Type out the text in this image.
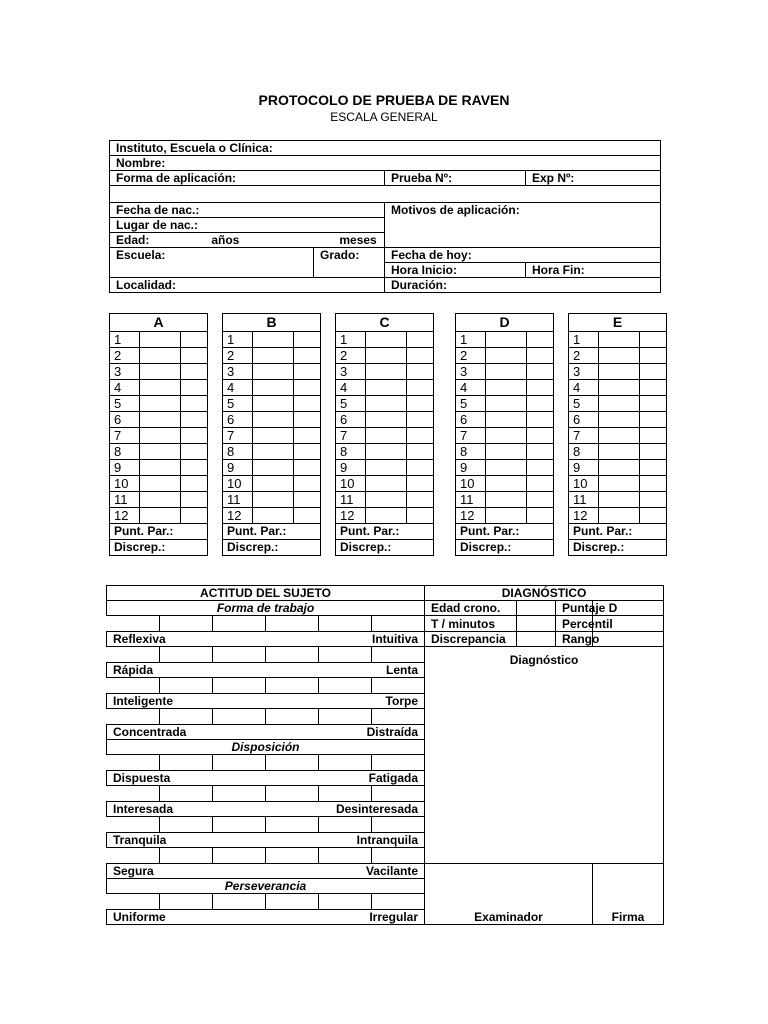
PROTOCOLO DE PRUEBA DE RAVEN
ESCALA GENERAL
Instituto, Escuela o Clínica:			
Nombre:			
Forma de aplicación:		Prueba Nº:	Exp Nº:

Fecha de nac.:		Motivos de aplicación:	
Lugar de nac.:			
Edad: años meses			
Escuela:	Grado:	Fecha de hoy:	
		Hora Inicio:	Hora Fin:
Localidad:		Duración:	
A		
1		
2		
3		
4		
5		
6		
7		
8		
9		
10		
11		
12		
Punt. Par.:		
Discrep.:		
B		
1		
2		
3		
4		
5		
6		
7		
8		
9		
10		
11		
12		
Punt. Par.:		
Discrep.:		
C		
1		
2		
3		
4		
5		
6		
7		
8		
9		
10		
11		
12		
Punt. Par.:		
Discrep.:		
D		
1		
2		
3		
4		
5		
6		
7		
8		
9		
10		
11		
12		
Punt. Par.:		
Discrep.:		
E		
1		
2		
3		
4		
5		
6		
7		
8		
9		
10		
11		
12		
Punt. Par.:		
Discrep.:		
ACTITUD DEL SUJETO						DIAGNÓSTICO			
Forma de trabajo						Edad crono.		Puntaje D	
						T / minutos		Percentil	
Reflexiva			Intuitiva			Discrepancia		Rango	
						Diagnóstico			
Rápida			Lenta						

Inteligente			Torpe						

Concentrada			Distraída						
Disposición									

Dispuesta			Fatigada						

Interesada			Desinteresada						

Tranquila			Intranquila						

Segura			Vacilante						
Perseverancia									

Uniforme			Irregular			Examinador			Firma
